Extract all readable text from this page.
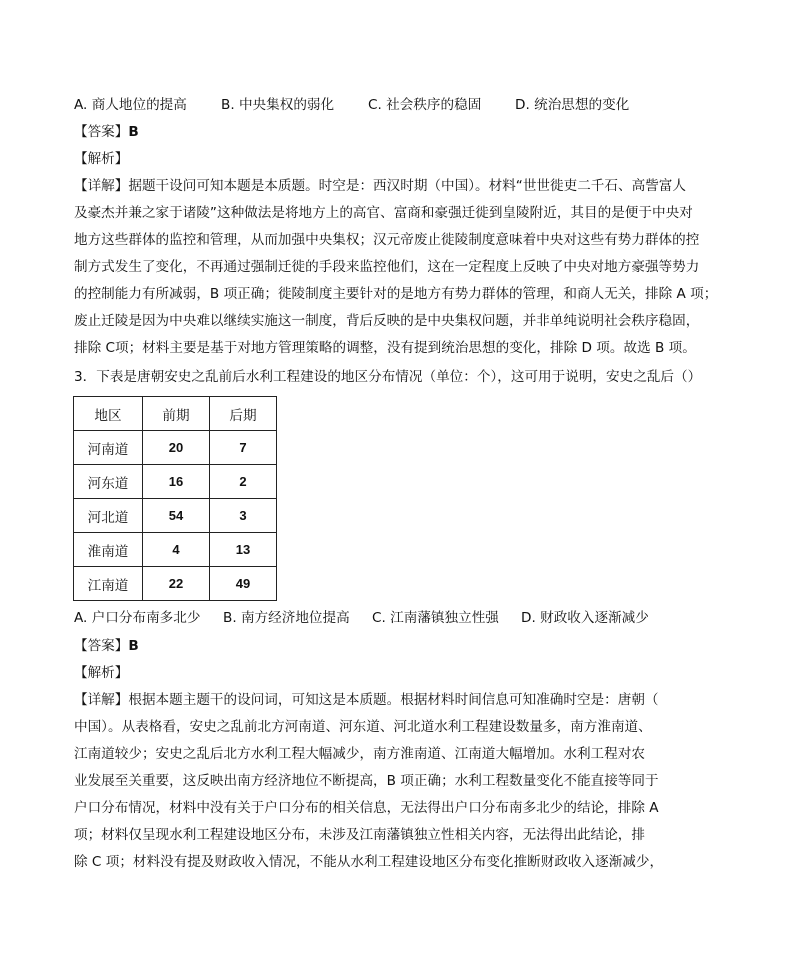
A. 商人地位的提高	B. 中央集权的弱化 C. 社会秩序的稳固 D. 统治思想的变化
【答案】B
【解析】
【详解】据题干设问可知本题是本质题。时空是：西汉时期（中国）。材料“世世徙吏二千石、高訾富人
及豪杰并兼之家于诸陵”这种做法是将地方上的高官、富商和豪强迁徙到皇陵附近，其目的是便于中央对
地方这些群体的监控和管理，从而加强中央集权；汉元帝废止徙陵制度意味着中央对这些有势力群体的控
制方式发生了变化，不再通过强制迁徙的手段来监控他们，这在一定程度上反映了中央对地方豪强等势力
的控制能力有所减弱，B 项正确；徙陵制度主要针对的是地方有势力群体的管理，和商人无关，排除 A 项；
废止迁陵是因为中央难以继续实施这一制度，背后反映的是中央集权问题，并非单纯说明社会秩序稳固，
排除 C项；材料主要是基于对地方管理策略的调整，没有提到统治思想的变化，排除 D 项。故选 B 项。
3．下表是唐朝安史之乱前后水利工程建设的地区分布情况（单位：个），这可用于说明，安史之乱后（）
地区	前期	后期
河南道	20	7
河东道	16	2
河北道	54	3
淮南道	4	13
江南道	22	49
A. 户口分布南多北少 B. 南方经济地位提高 C. 江南藩镇独立性强 D. 财政收入逐渐减少
【答案】B
【解析】
【详解】根据本题主题干的设问词，可知这是本质题。根据材料时间信息可知准确时空是：唐朝（
中国）。从表格看，安史之乱前北方河南道、河东道、河北道水利工程建设数量多，南方淮南道、
江南道较少；安史之乱后北方水利工程大幅减少，南方淮南道、江南道大幅增加。水利工程对农
业发展至关重要，这反映出南方经济地位不断提高，B 项正确；水利工程数量变化不能直接等同于
户口分布情况，材料中没有关于户口分布的相关信息，无法得出户口分布南多北少的结论，排除 A
项；材料仅呈现水利工程建设地区分布，未涉及江南藩镇独立性相关内容，无法得出此结论，排
除 C 项；材料没有提及财政收入情况，不能从水利工程建设地区分布变化推断财政收入逐渐减少，
